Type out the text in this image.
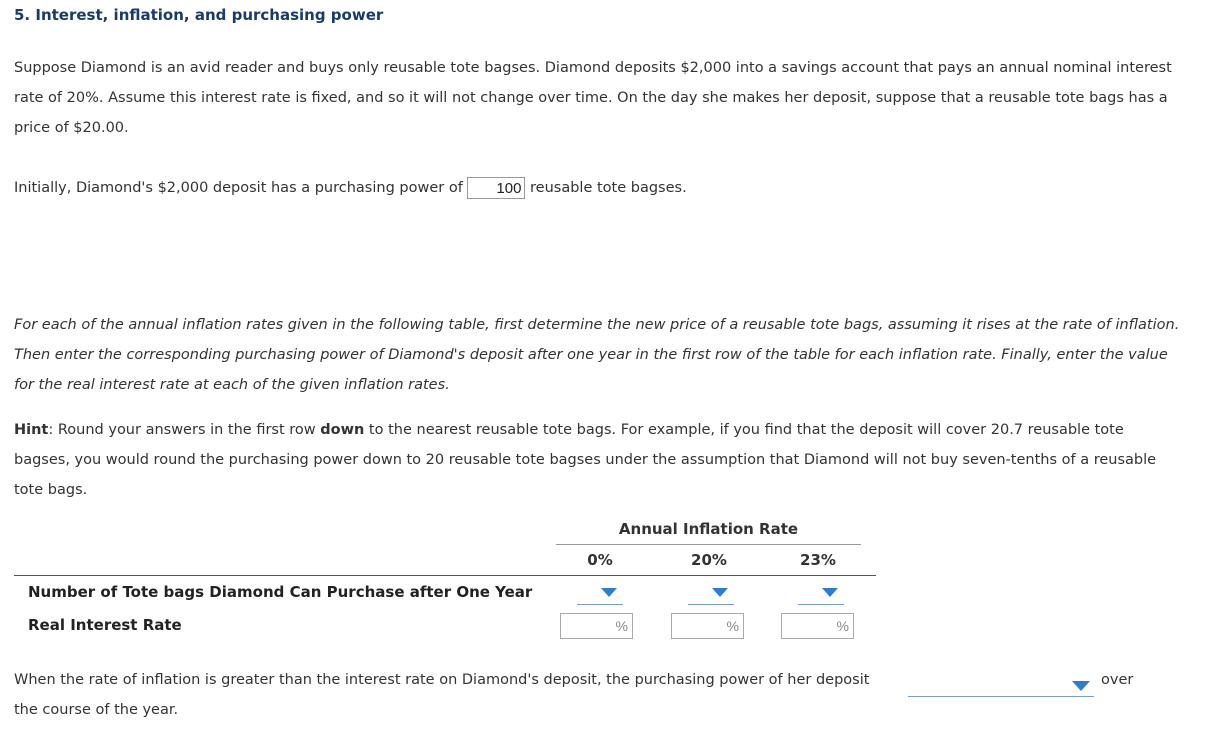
5. Interest, inflation, and purchasing power

Suppose Diamond is an avid reader and buys only reusable tote bagses. Diamond deposits $2,000 into a savings account that pays an annual nominal interest rate of 20%. Assume this interest rate is fixed, and so it will not change over time. On the day she makes her deposit, suppose that a reusable tote bags has a price of $20.00.

Initially, Diamond's $2,000 deposit has a purchasing power of 100 reusable tote bagses.

For each of the annual inflation rates given in the following table, first determine the new price of a reusable tote bags, assuming it rises at the rate of inflation. Then enter the corresponding purchasing power of Diamond's deposit after one year in the first row of the table for each inflation rate. Finally, enter the value for the real interest rate at each of the given inflation rates.

Hint: Round your answers in the first row down to the nearest reusable tote bags. For example, if you find that the deposit will cover 20.7 reusable tote bagses, you would round the purchasing power down to 20 reusable tote bagses under the assumption that Diamond will not buy seven-tenths of a reusable tote bags.

Annual Inflation Rate
0%	20%	23%
Number of Tote bags Diamond Can Purchase after One Year
Real Interest Rate	%	%	%
When the rate of inflation is greater than the interest rate on Diamond's deposit, the purchasing power of her deposit	over
the course of the year.
